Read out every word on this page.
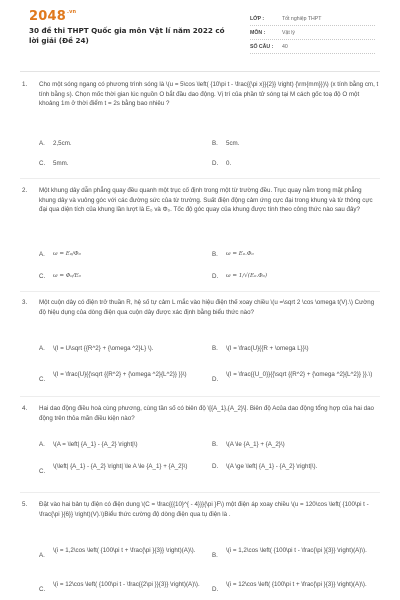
$2048^{.vn}$
30 đề thi THPT Quốc gia môn Vật lí năm 2022 có lời giải (Đề 24)
LỚP :	Tốt nghiệp THPT
MÔN :	Vật lý
SỐ CÂU :	40
1. Cho một sóng ngang có phương trình sóng là \(u = 5\cos \left( {10\pi t - \frac{{\pi x}}{2}} \right) {\rm{mm}})\) (x tính bằng cm, t tính bằng s). Chọn mốc thời gian lúc nguồn O bắt đầu dao động. Vị trí của phần tử sóng tại M cách gốc toạ độ O một khoảng 1m ở thời điểm t = 2s bằng bao nhiêu ?
A. 2,5cm.	B. 5cm.
C. 5mm.	D. 0.
2. Một khung dây dẫn phẳng quay đều quanh một trục cố định trong một từ trường đều. Trục quay nằm trong mặt phẳng khung dây và vuông góc với các đường sức của từ trường. Suất điện động cảm ứng cực đại trong khung và từ thông cực đại qua diện tích của khung lần lượt là E₀ và Φ₀. Tốc độ góc quay của khung được tính theo công thức nào sau đây?
A. ω = E₀/Φ₀	B. ω = E₀.Φ₀
C. ω = Φ₀/E₀	D. ω = 1/√(E₀.Φ₀)
3. Một cuộn dây có điện trở thuần R, hệ số tự cảm L mắc vào hiệu điện thế xoay chiều \(u =\sqrt 2 \cos \omega t(V).\) Cường độ hiệu dụng của dòng điện qua cuộn dây được xác định bằng biểu thức nào?
A. \(I = U\sqrt {{R^2} + {\omega ^2}L} \).	B. \(I = \frac{U}{{R + \omega L}}\)
C.
\(I = \frac{U}{{\sqrt {{R^2} + {\omega ^2}{L^2}} }}\)
D.
\(I = \frac{{U_0}}{{\sqrt {{R^2} + {\omega ^2}{L^2}} }}.\)
4. Hai dao động điều hoà cùng phương, cùng tần số có biên độ \[{A_1},{A_2}\]. Biên độ Acủa dao động tổng hợp của hai dao động trên thỏa mãn điều kiện nào?
A. \(A = \left| {A_1} - {A_2} \right|\)	B. \(A \le {A_1} + {A_2}\)
C.
\(\left| {A_1} - {A_2} \right| \le A \le {A_1} + {A_2}\)	D. \(A \ge \left| {A_1} - {A_2} \right|\).
5. Đặt vào hai bản tụ điện có điện dung \(C = \frac{{{10}^{ - 4}}}{\pi }F\) một điện áp xoay chiều \(u = 120\cos \left( {100\pi t - \frac{\pi }{6}} \right)(V).\)Biểu thức cường độ dòng điện qua tụ điện là .
A.
\(i = 1,2\cos \left( {100\pi t + \frac{\pi }{3}} \right)(A)\).
B.
\(i = 1,2\cos \left( {100\pi t - \frac{\pi }{3}} \right)(A)\).
C.
\(i = 12\cos \left( {100\pi t - \frac{{2\pi }}{3}} \right)(A)\).
D.
\(i = 12\cos \left( {100\pi t + \frac{\pi }{3}} \right)(A)\).
